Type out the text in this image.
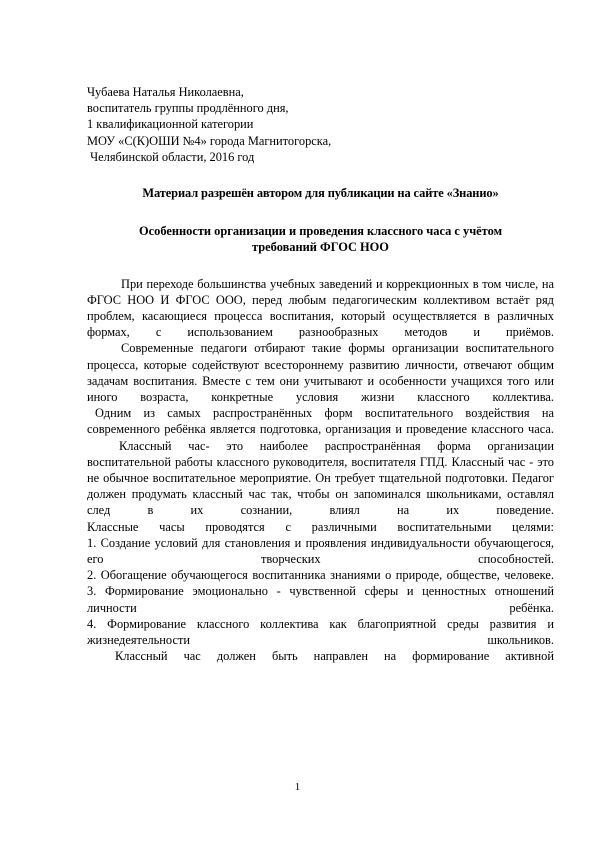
Чубаева Наталья Николаевна,
воспитатель группы продлённого дня,
1 квалификационной категории
МОУ «С(К)ОШИ №4» города Магнитогорска,
Челябинской области, 2016 год
Материал разрешён автором для публикации на сайте «Знанио»
Особенности организации и проведения классного часа с учётом
требований ФГОС НОО

При переходе большинства учебных заведений и коррекционных в том числе, на ФГОС НОО И ФГОС ООО, перед любым педагогическим коллективом встаёт ряд проблем, касающиеся процесса воспитания, который осуществляется в различных формах, с использованием разнообразных методов и приёмов.

Современные педагоги отбирают такие формы организации воспитательного процесса, которые содействуют всестороннему развитию личности, отвечают общим задачам воспитания. Вместе с тем они учитывают и особенности учащихся того или иного возраста, конкретные условия жизни классного коллектива.

Одним из самых распространённых форм воспитательного воздействия на современного ребёнка является подготовка, организация и проведение классного часа.

Классный час- это наиболее распространённая форма организации воспитательной работы классного руководителя, воспитателя ГПД. Классный час - это не обычное воспитательное мероприятие. Он требует тщательной подготовки. Педагог должен продумать классный час так, чтобы он запоминался школьниками, оставлял след в их сознании, влиял на их поведение.

Классные часы проводятся с различными воспитательными целями:

1. Создание условий для становления и проявления индивидуальности обучающегося, его творческих способностей.

2. Обогащение обучающегося воспитанника знаниями о природе, обществе, человеке.

3. Формирование эмоционально - чувственной сферы и ценностных отношений личности ребёнка.

4. Формирование классного коллектива как благоприятной среды развития и жизнедеятельности школьников.

Классный час должен быть направлен на формирование активной

1
